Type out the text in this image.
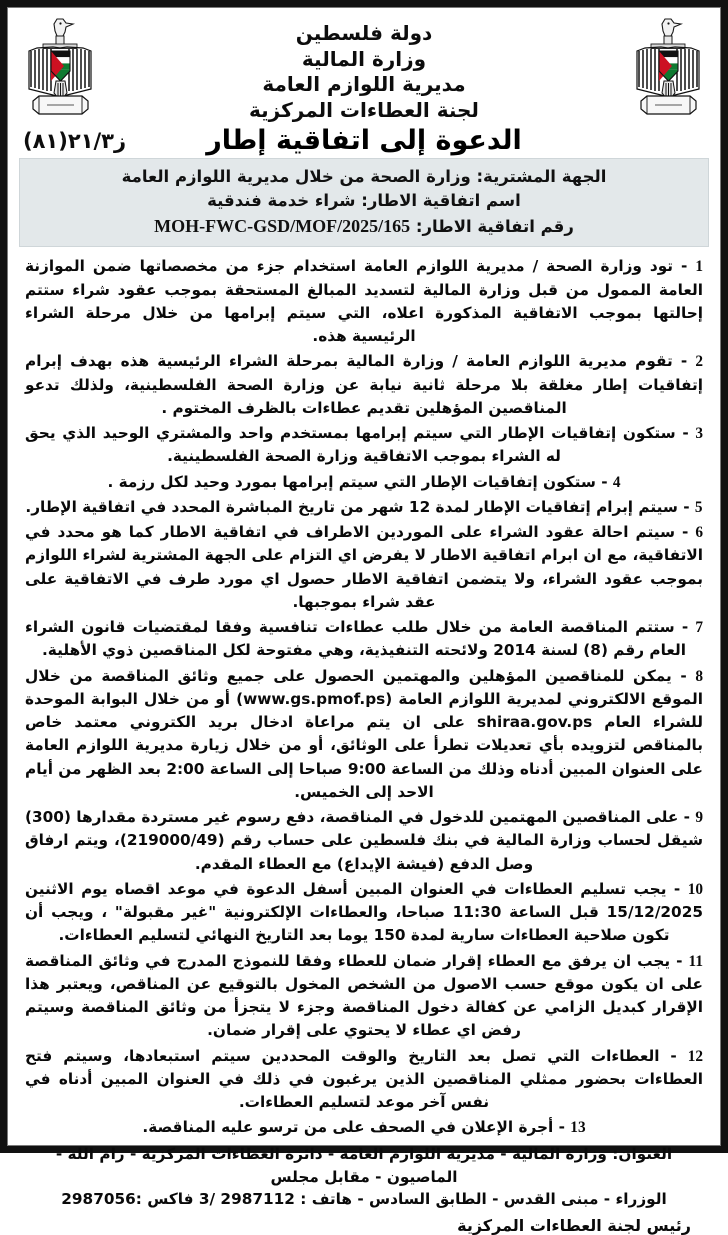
دولة فلسطين
وزارة المالية
مديرية اللوازم العامة
لجنة العطاءات المركزية
ز٣/١٢(١٨)	الدعوة إلى اتفاقية إطار
الجهة المشترية: وزارة الصحة من خلال مديرية اللوازم العامة
اسم اتفاقية الاطار: شراء خدمة فندقية
رقم اتفاقية الاطار: MOH-FWC-GSD/MOF/2025/165

1 - تود وزارة الصحة / مديرية اللوازم العامة استخدام جزء من مخصصاتها ضمن الموازنة العامة الممول من قبل وزارة المالية لتسديد المبالغ المستحقة بموجب عقود شراء ستتم إحالتها بموجب الاتفاقية المذكورة اعلاه، التي سيتم إبرامها من خلال مرحلة الشراء الرئيسية هذه.

2 - تقوم مديرية اللوازم العامة / وزارة المالية بمرحلة الشراء الرئيسية هذه بهدف إبرام إتفاقيات إطار مغلقة بلا مرحلة ثانية نيابة عن وزارة الصحة الفلسطينية، ولذلك تدعو المناقصين المؤهلين تقديم عطاءات بالظرف المختوم .

3 - ستكون إتفاقيات الإطار التي سيتم إبرامها بمستخدم واحد والمشتري الوحيد الذي يحق له الشراء بموجب الاتفاقية وزارة الصحة الفلسطينية.

4 - ستكون إتفاقيات الإطار التي سيتم إبرامها بمورد وحيد لكل رزمة .

5 - سيتم إبرام إتفاقيات الإطار لمدة 12 شهر من تاريخ المباشرة المحدد في اتفاقية الإطار.

6 - سيتم احالة عقود الشراء على الموردين الاطراف في اتفاقية الاطار كما هو محدد في الاتفاقية، مع ان ابرام اتفاقية الاطار لا يفرض اي التزام على الجهة المشترية لشراء اللوازم بموجب عقود الشراء، ولا يتضمن اتفاقية الاطار حصول اي مورد طرف في الاتفاقية على عقد شراء بموجبها.

7 - ستتم المناقصة العامة من خلال طلب عطاءات تنافسية وفقا لمقتضيات قانون الشراء العام رقم (8) لسنة 2014 ولائحته التنفيذية، وهي مفتوحة لكل المناقصين ذوي الأهلية.

8 - يمكن للمناقصين المؤهلين والمهتمين الحصول على جميع وثائق المناقصة من خلال الموقع الالكتروني لمديرية اللوازم العامة (www.gs.pmof.ps) أو من خلال البوابة الموحدة للشراء العام shiraa.gov.ps على ان يتم مراعاة ادخال بريد الكتروني معتمد خاص بالمناقص لتزويده بأي تعديلات تطرأ على الوثائق، أو من خلال زيارة مديرية اللوازم العامة على العنوان المبين أدناه وذلك من الساعة 9:00 صباحا إلى الساعة 2:00 بعد الظهر من أيام الاحد إلى الخميس.

9 - على المناقصين المهتمين للدخول في المناقصة، دفع رسوم غير مستردة مقدارها (300) شيقل لحساب وزارة المالية في بنك فلسطين على حساب رقم (219000/49)، ويتم ارفاق وصل الدفع (فيشة الإيداع) مع العطاء المقدم.

10 - يجب تسليم العطاءات في العنوان المبين أسفل الدعوة في موعد اقصاه يوم الاثنين 15/12/2025 قبل الساعة 11:30 صباحا، والعطاءات الإلكترونية "غير مقبولة" ، ويجب أن تكون صلاحية العطاءات سارية لمدة 150 يوما بعد التاريخ النهائي لتسليم العطاءات.

11 - يجب ان يرفق مع العطاء إقرار ضمان للعطاء وفقا للنموذج المدرج في وثائق المناقصة على ان يكون موقع حسب الاصول من الشخص المخول بالتوقيع عن المناقص، ويعتبر هذا الإقرار كبديل الزامي عن كفالة دخول المناقصة وجزء لا يتجزأ من وثائق المناقصة وسيتم رفض اي عطاء لا يحتوي على إقرار ضمان.

12 - العطاءات التي تصل بعد التاريخ والوقت المحددين سيتم استبعادها، وسيتم فتح العطاءات بحضور ممثلي المناقصين الذين يرغبون في ذلك في العنوان المبين أدناه في نفس آخر موعد لتسليم العطاءات.

13 - أجرة الإعلان في الصحف على من ترسو عليه المناقصة.

العنوان: وزارة المالية - مديرية اللوازم العامة - دائرة العطاءات المركزية - رام الله - الماصيون - مقابل مجلس
الوزراء - مبنى القدس - الطابق السادس - هاتف : 2987112 /3 فاكس :2987056
رئيس لجنة العطاءات المركزية
